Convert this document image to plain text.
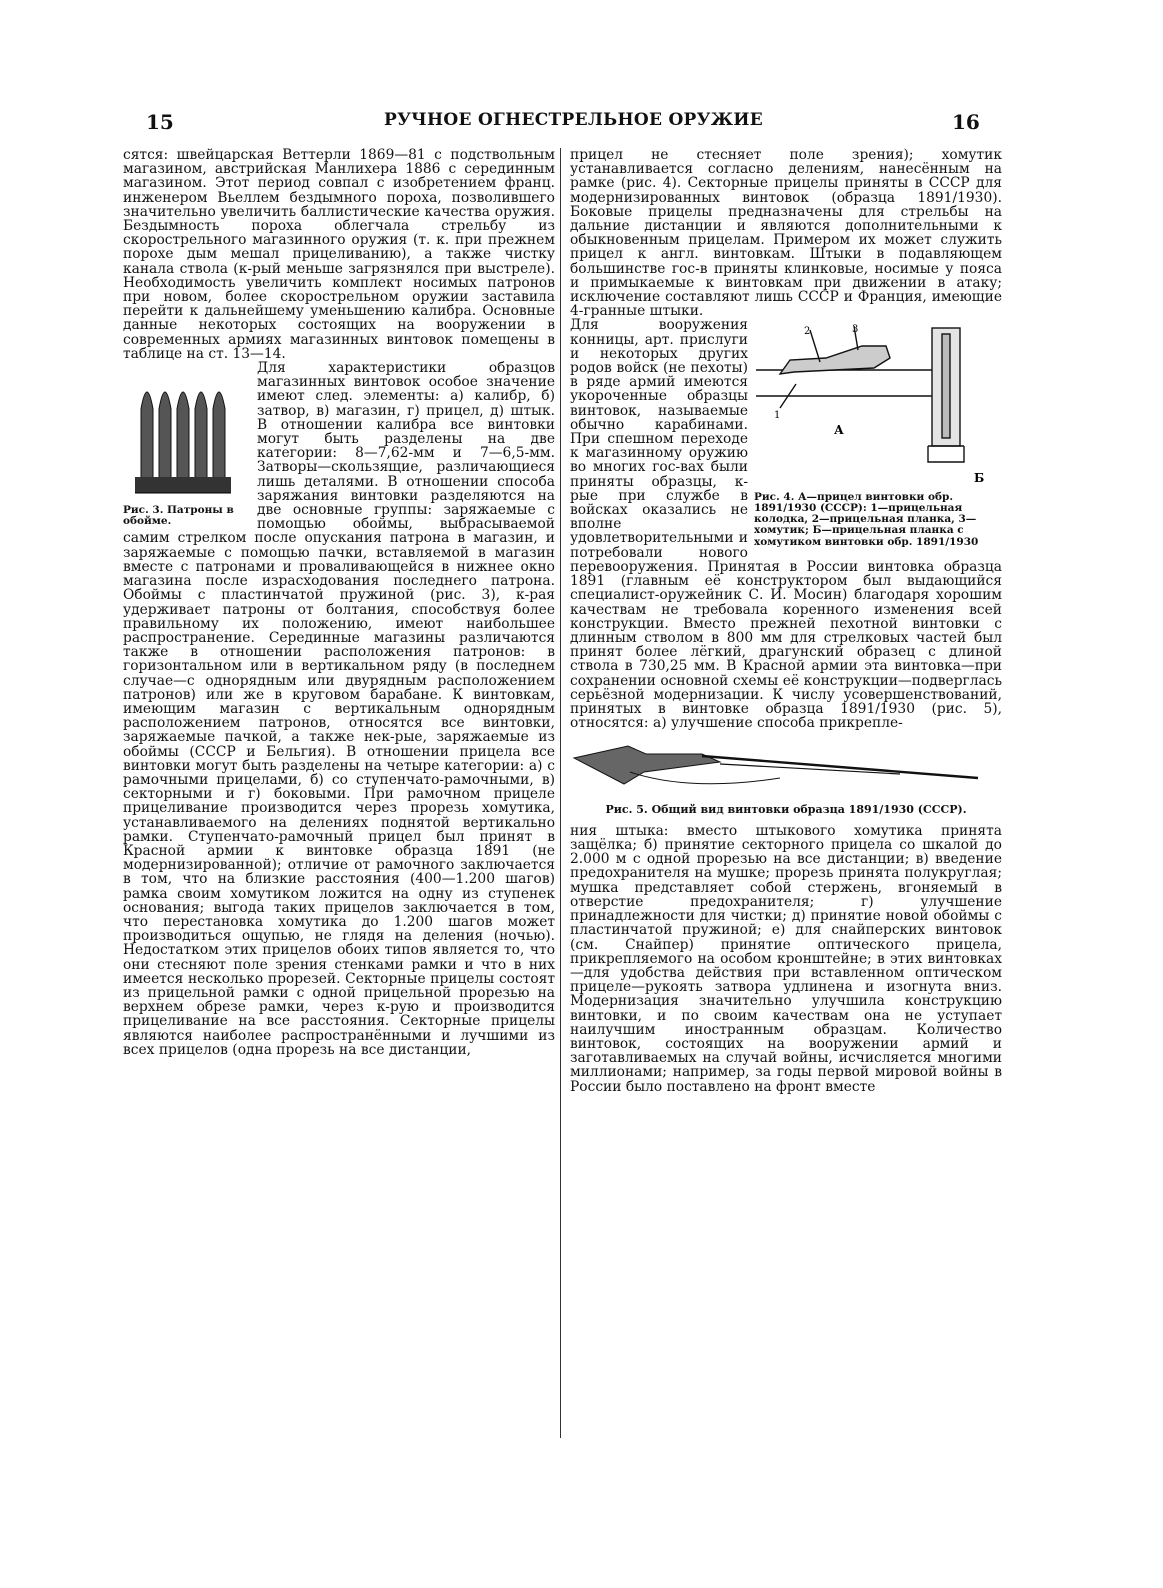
15	РУЧНОЕ ОГНЕСТРЕЛЬНОЕ ОРУЖИЕ	16

сятся: швейцарская Веттерли 1869—81 с подствольным магазином, австрийская Манлихера 1886 с серединным магазином. Этот период совпал с изобретением франц. инженером Вьеллем бездымного пороха, позволившего значительно увеличить баллистические качества оружия. Бездымность пороха облегчала стрельбу из скорострельного магазинного оружия (т. к. при прежнем порохе дым мешал прицеливанию), а также чистку канала ствола (к-рый меньше загрязнялся при выстреле). Необходимость увеличить комплект носимых патронов при новом, более скорострельном оружии заставила перейти к дальнейшему уменьшению калибра. Основные данные некоторых состоящих на вооружении в современных армиях магазинных винтовок помещены в таблице на ст. 13—14.

Рис. 3. Патроны в обойме.

Для характеристики образцов магазинных винтовок особое значение имеют след. элементы: а) калибр, б) затвор, в) магазин, г) прицел, д) штык. В отношении калибра все винтовки могут быть разделены на две категории: 8—7,62-мм и 7—6,5-мм. Затворы—скользящие, различающиеся лишь деталями. В отношении способа заряжания винтовки разделяются на две основные группы: заряжаемые с помощью обоймы, выбрасываемой самим стрелком после опускания патрона в магазин, и заряжаемые с помощью пачки, вставляемой в магазин вместе с патронами и проваливающейся в нижнее окно магазина после израсходования последнего патрона. Обоймы с пластинчатой пружиной (рис. 3), к-рая удерживает патроны от болтания, способствуя более правильному их положению, имеют наибольшее распространение. Серединные магазины различаются также в отношении расположения патронов: в горизонтальном или в вертикальном ряду (в последнем случае—с однорядным или двурядным расположением патронов) или же в круговом барабане. К винтовкам, имеющим магазин с вертикальным однорядным расположением патронов, относятся все винтовки, заряжаемые пачкой, а также нек-рые, заряжаемые из обоймы (СССР и Бельгия). В отношении прицела все винтовки могут быть разделены на четыре категории: а) с рамочными прицелами, б) со ступенчато-рамочными, в) секторными и г) боковыми. При рамочном прицеле прицеливание производится через прорезь хомутика, устанавливаемого на делениях поднятой вертикально рамки. Ступенчато-рамочный прицел был принят в Красной армии к винтовке образца 1891 (не модернизированной); отличие от рамочного заключается в том, что на близкие расстояния (400—1.200 шагов) рамка своим хомутиком ложится на одну из ступенек основания; выгода таких прицелов заключается в том, что перестановка хомутика до 1.200 шагов может производиться ощупью, не глядя на деления (ночью). Недостатком этих прицелов обоих типов является то, что они стесняют поле зрения стенками рамки и что в них имеется несколько прорезей. Секторные прицелы состоят из прицельной рамки с одной прицельной прорезью на верхнем обрезе рамки, через к-рую и производится прицеливание на все расстояния. Секторные прицелы являются наиболее распространёнными и лучшими из всех прицелов (одна прорезь на все дистанции,

прицел не стесняет поле зрения); хомутик устанавливается согласно делениям, нанесённым на рамке (рис. 4). Секторные прицелы приняты в СССР для модернизированных винтовок (образца 1891/1930). Боковые прицелы предназначены для стрельбы на дальние дистанции и являются дополнительными к обыкновенным прицелам. Примером их может служить прицел к англ. винтовкам. Штыки в подавляющем большинстве гос-в приняты клинковые, носимые у пояса и примыкаемые к винтовкам при движении в атаку; исключение составляют лишь СССР и Франция, имеющие 4-гранные штыки.

2	3
1
А
Б
Рис. 4. А—прицел винтовки обр. 1891/1930 (СССР): 1—прицельная колодка, 2—прицельная планка, 3—хомутик; Б—прицельная планка с хомутиком винтовки обр. 1891/1930

Для вооружения конницы, арт. прислуги и некоторых других родов войск (не пехоты) в ряде армий имеются укороченные образцы винтовок, называемые обычно карабинами. При спешном переходе к магазинному оружию во многих гос-вах были приняты образцы, к-рые при службе в войсках оказались не вполне удовлетворительными и потребовали нового перевооружения. Принятая в России винтовка образца 1891 (главным её конструктором был выдающийся специалист-оружейник С. И. Мосин) благодаря хорошим качествам не требовала коренного изменения всей конструкции. Вместо прежней пехотной винтовки с длинным стволом в 800 мм для стрелковых частей был принят более лёгкий, драгунский образец с длиной ствола в 730,25 мм. В Красной армии эта винтовка—при сохранении основной схемы её конструкции—подверглась серьёзной модернизации. К числу усовершенствований, принятых в винтовке образца 1891/1930 (рис. 5), относятся: а) улучшение способа прикрепле-

Рис. 5. Общий вид винтовки образца 1891/1930 (СССР).

ния штыка: вместо штыкового хомутика принята защёлка; б) принятие секторного прицела со шкалой до 2.000 м с одной прорезью на все дистанции; в) введение предохранителя на мушке; прорезь принята полукруглая; мушка представляет собой стержень, вгоняемый в отверстие предохранителя; г) улучшение принадлежности для чистки; д) принятие новой обоймы с пластинчатой пружиной; е) для снайперских винтовок (см. Снайпер) принятие оптического прицела, прикрепляемого на особом кронштейне; в этих винтовках—для удобства действия при вставленном оптическом прицеле—рукоять затвора удлинена и изогнута вниз. Модернизация значительно улучшила конструкцию винтовки, и по своим качествам она не уступает наилучшим иностранным образцам. Количество винтовок, состоящих на вооружении армий и заготавливаемых на случай войны, исчисляется многими миллионами; например, за годы первой мировой войны в России было поставлено на фронт вместе
